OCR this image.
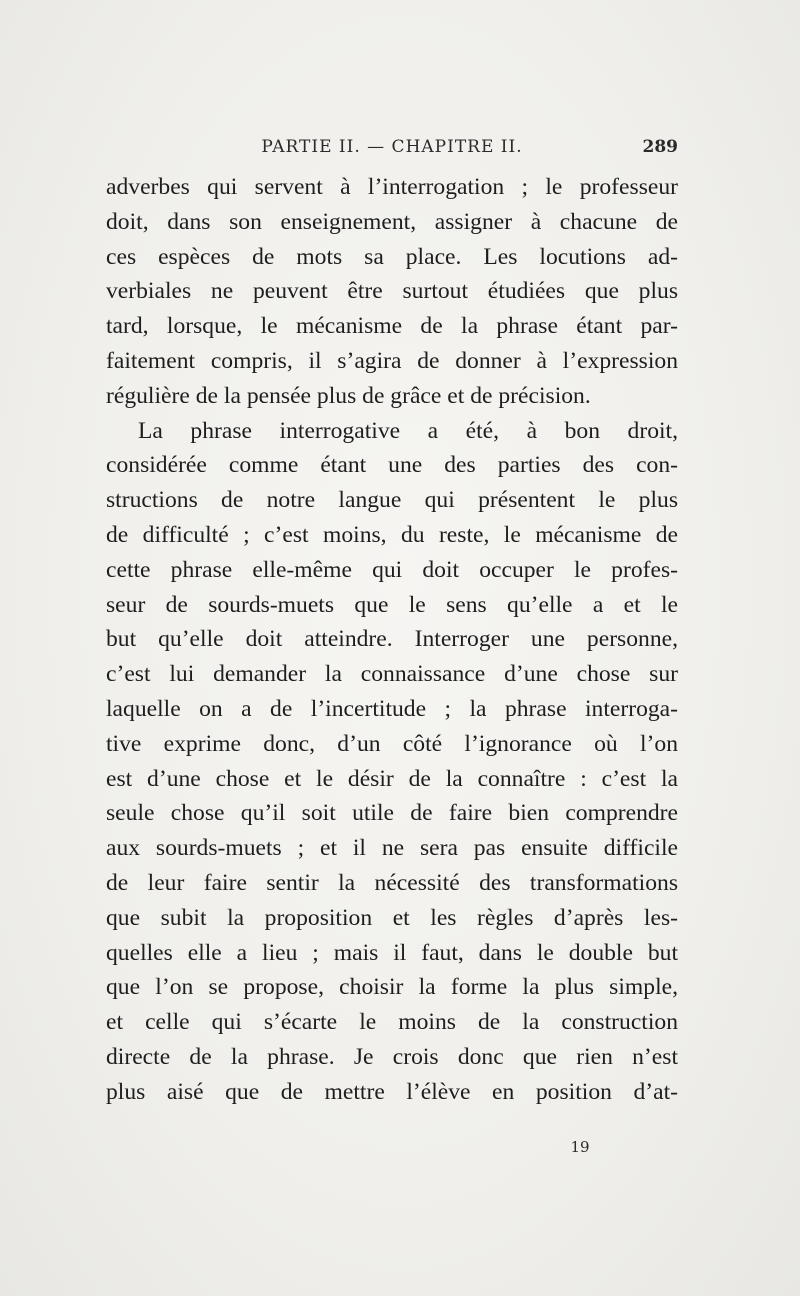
PARTIE II. — CHAPITRE II.	289
adverbes qui servent à l’interrogation ; le professeur
doit, dans son enseignement, assigner à chacune de
ces espèces de mots sa place. Les locutions ad-
verbiales ne peuvent être surtout étudiées que plus
tard, lorsque, le mécanisme de la phrase étant par-
faitement compris, il s’agira de donner à l’expression
régulière de la pensée plus de grâce et de précision.
La phrase interrogative a été, à bon droit,
considérée comme étant une des parties des con-
structions de notre langue qui présentent le plus
de difficulté ; c’est moins, du reste, le mécanisme de
cette phrase elle-même qui doit occuper le profes-
seur de sourds-muets que le sens qu’elle a et le
but qu’elle doit atteindre. Interroger une personne,
c’est lui demander la connaissance d’une chose sur
laquelle on a de l’incertitude ; la phrase interroga-
tive exprime donc, d’un côté l’ignorance où l’on
est d’une chose et le désir de la connaître : c’est la
seule chose qu’il soit utile de faire bien comprendre
aux sourds-muets ; et il ne sera pas ensuite difficile
de leur faire sentir la nécessité des transformations
que subit la proposition et les règles d’après les-
quelles elle a lieu ; mais il faut, dans le double but
que l’on se propose, choisir la forme la plus simple,
et celle qui s’écarte le moins de la construction
directe de la phrase. Je crois donc que rien n’est
plus aisé que de mettre l’élève en position d’at-
19
